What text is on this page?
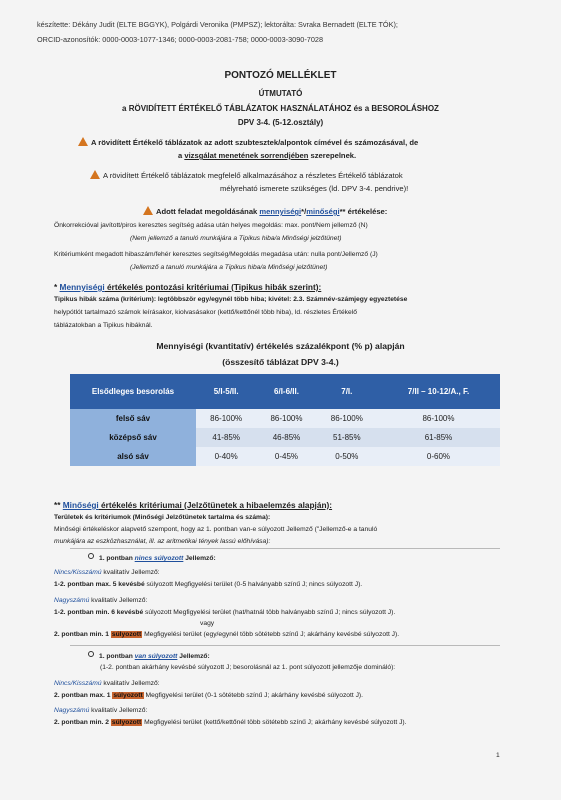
készítette: Dékány Judit (ELTE BGGYK), Polgárdi Veronika (PMPSZ); lektorálta: Svraka Bernadett (ELTE TÓK);
ORCID-azonosítók: 0000-0003-1077-1346; 0000-0003-2081-758; 0000-0003-3090-7028
PONTOZÓ MELLÉKLET
ÚTMUTATÓ
a RÖVIDÍTETT ÉRTÉKELŐ TÁBLÁZATOK HASZNÁLATÁHOZ és a BESOROLÁSHOZ
DPV 3-4. (5-12.osztály)
A rövidített Értékelő táblázatok az adott szubtesztek/alpontok címével és számozásával, de
a vizsgálat menetének sorrendjében szerepelnek.
A rövidített Értékelő táblázatok megfelelő alkalmazásához a részletes Értékelő táblázatok
mélyreható ismerete szükséges (ld. DPV 3-4. pendrive)!
Adott feladat megoldásának mennyiségi*/minőségi** értékelése:
Önkorrekcióval javított/piros keresztes segítség adása után helyes megoldás: max. pont/Nem jellemző (N)
(Nem jellemző a tanuló munkájára a Tipikus hiba/a Minőségi jelzőtünet)
Kritériumként megadott hibaszám/fehér keresztes segítség/Megoldás megadása után: nulla pont/Jellemző (J)
(Jellemző a tanuló munkájára a Tipikus hiba/a Minőségi jelzőtünet)
* Mennyiségi értékelés pontozási kritériumai (Tipikus hibák szerint):
Tipikus hibák száma (kritérium): legtöbbször egy/egynél több hiba; kivétel: 2.3. Számnév-számjegy egyeztetése
helypótlót tartalmazó számok leírásakor, kiolvasásakor (kettő/kettőnél több hiba), ld. részletes Értékelő
táblázatokban a Tipikus hibáknál.
Mennyiségi (kvantitatív) értékelés százalékpont (% p) alapján
(összesítő táblázat DPV 3-4.)
Elsődleges besorolás	5/I-5/II.	6/I-6/II.	7/I.	7/II – 10-12/A., F.
felső sáv	86-100%	86-100%	86-100%	86-100%
középső sáv	41-85%	46-85%	51-85%	61-85%
alsó sáv	0-40%	0-45%	0-50%	0-60%
** Minőségi értékelés kritériumai (Jelzőtünetek a hibaelemzés alapján):
Területek és kritériumok (Minőségi Jelzőtünetek tartalma és száma):
Minőségi értékeléskor alapvető szempont, hogy az 1. pontban van-e súlyozott Jellemző ("Jellemző-e a tanuló
munkájára az eszközhasználat, ill. az aritmetikai tények lassú előhívása):
1. pontban nincs súlyozott Jellemző:
Nincs/Kisszámú kvalitatív Jellemző:
1-2. pontban max. 5 kevésbé súlyozott Megfigyelési terület (0-5 halványabb színű J; nincs súlyozott J).
Nagyszámú kvalitatív Jellemző:
1-2. pontban min. 6 kevésbé súlyozott Megfigyelési terület (hat/hatnál több halványabb színű J; nincs súlyozott J).
vagy
2. pontban min. 1 súlyozott Megfigyelési terület (egy/egynél több sötétebb színű J; akárhány kevésbé súlyozott J).
1. pontban van súlyozott Jellemző:
(1-2. pontban akárhány kevésbé súlyozott J; besorolásnál az 1. pont súlyozott jellemzője domináló):
Nincs/Kisszámú kvalitatív Jellemző:
2. pontban max. 1 súlyozott Megfigyelési terület (0-1 sötétebb színű J; akárhány kevésbé súlyozott J).
Nagyszámú kvalitatív Jellemző:
2. pontban min. 2 súlyozott Megfigyelési terület (kettő/kettőnél több sötétebb színű J; akárhány kevésbé súlyozott J).
1
